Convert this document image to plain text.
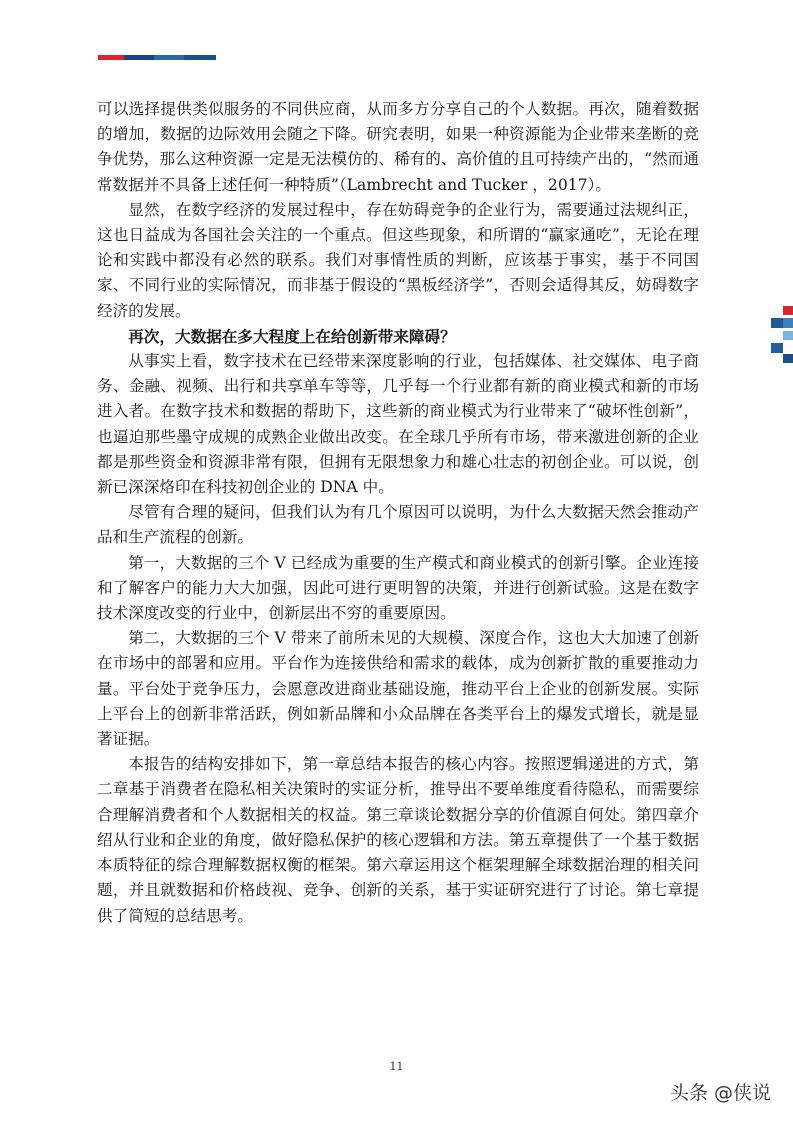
可以选择提供类似服务的不同供应商，从而多方分享自己的个人数据。再次，随着数据的增加，数据的边际效用会随之下降。研究表明，如果一种资源能为企业带来垄断的竞争优势，那么这种资源一定是无法模仿的、稀有的、高价值的且可持续产出的，“然而通常数据并不具备上述任何一种特质”（Lambrecht and Tucker ，2017）。

显然，在数字经济的发展过程中，存在妨碍竞争的企业行为，需要通过法规纠正，这也日益成为各国社会关注的一个重点。但这些现象，和所谓的“赢家通吃”，无论在理论和实践中都没有必然的联系。我们对事情性质的判断，应该基于事实，基于不同国家、不同行业的实际情况，而非基于假设的“黑板经济学”，否则会适得其反，妨碍数字经济的发展。

再次，大数据在多大程度上在给创新带来障碍？

从事实上看，数字技术在已经带来深度影响的行业，包括媒体、社交媒体、电子商务、金融、视频、出行和共享单车等等，几乎每一个行业都有新的商业模式和新的市场进入者。在数字技术和数据的帮助下，这些新的商业模式为行业带来了“破坏性创新”，也逼迫那些墨守成规的成熟企业做出改变。在全球几乎所有市场，带来激进创新的企业都是那些资金和资源非常有限，但拥有无限想象力和雄心壮志的初创企业。可以说，创新已深深烙印在科技初创企业的 DNA 中。

尽管有合理的疑问，但我们认为有几个原因可以说明，为什么大数据天然会推动产品和生产流程的创新。

第一，大数据的三个 V 已经成为重要的生产模式和商业模式的创新引擎。企业连接和了解客户的能力大大加强，因此可进行更明智的决策，并进行创新试验。这是在数字技术深度改变的行业中，创新层出不穷的重要原因。

第二，大数据的三个 V 带来了前所未见的大规模、深度合作，这也大大加速了创新在市场中的部署和应用。平台作为连接供给和需求的载体，成为创新扩散的重要推动力量。平台处于竞争压力，会愿意改进商业基础设施，推动平台上企业的创新发展。实际上平台上的创新非常活跃，例如新品牌和小众品牌在各类平台上的爆发式增长，就是显著证据。

本报告的结构安排如下，第一章总结本报告的核心内容。按照逻辑递进的方式，第二章基于消费者在隐私相关决策时的实证分析，推导出不要单维度看待隐私，而需要综合理解消费者和个人数据相关的权益。第三章谈论数据分享的价值源自何处。第四章介绍从行业和企业的角度，做好隐私保护的核心逻辑和方法。第五章提供了一个基于数据本质特征的综合理解数据权衡的框架。第六章运用这个框架理解全球数据治理的相关问题，并且就数据和价格歧视、竞争、创新的关系，基于实证研究进行了讨论。第七章提供了简短的总结思考。

11
头条 @侠说
